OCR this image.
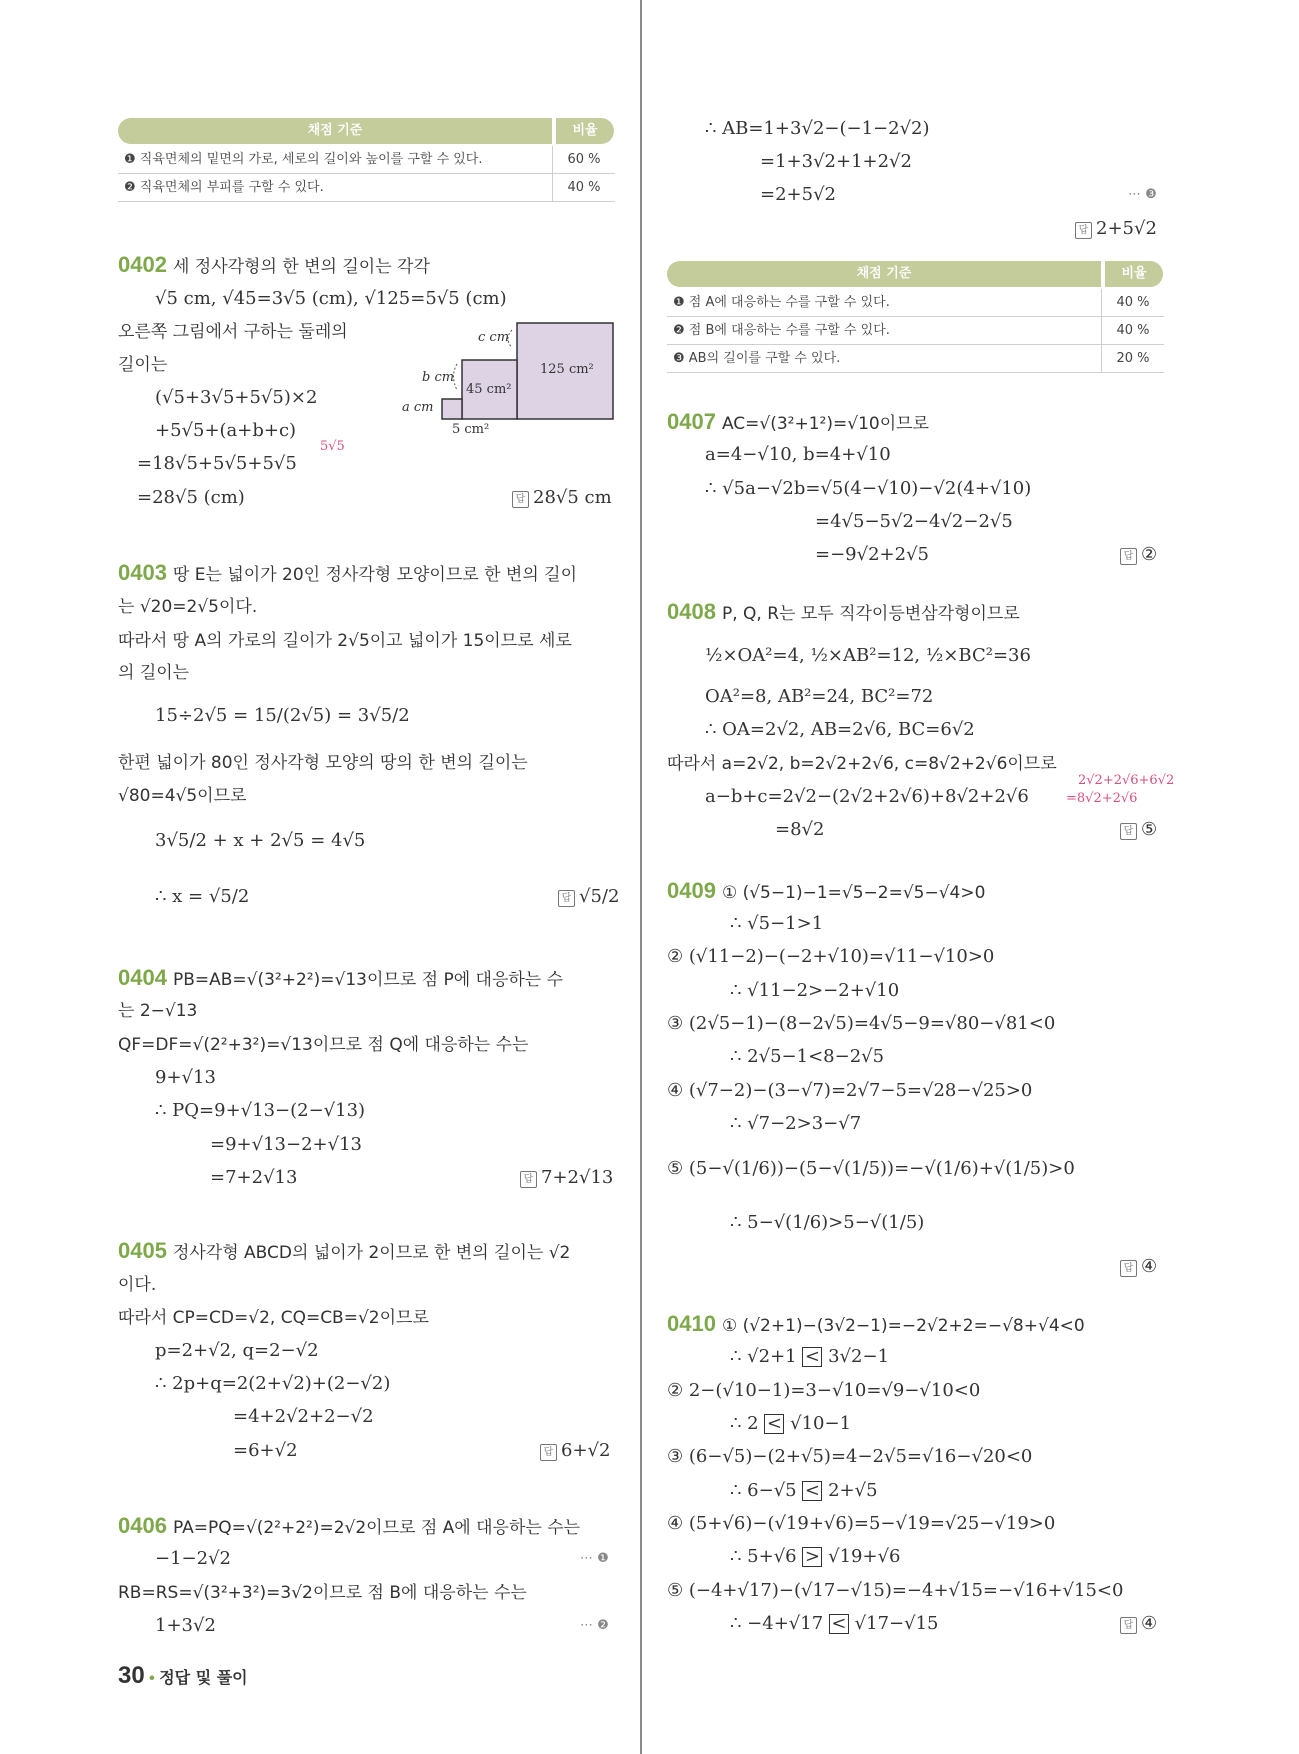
채점 기준	비율
❶ 직육면체의 밑면의 가로, 세로의 길이와 높이를 구할 수 있다.	60 %
❷ 직육면체의 부피를 구할 수 있다.	40 %
0402 세 정사각형의 한 변의 길이는 각각
√5 cm, √45=3√5 (cm), √125=5√5 (cm)
오른쪽 그림에서 구하는 둘레의
길이는
(√5+3√5+5√5)×2
+5√5+(a+b+c)
5√5
=18√5+5√5+5√5
=28√5 (cm)	답 28√5 cm
c cm
b cm
a cm
125 cm²
45 cm²
5 cm²
0403 땅 E는 넓이가 20인 정사각형 모양이므로 한 변의 길이
는 √20=2√5이다.
따라서 땅 A의 가로의 길이가 2√5이고 넓이가 15이므로 세로
의 길이는
15÷2√5 = 15/(2√5) = 3√5/2
한편 넓이가 80인 정사각형 모양의 땅의 한 변의 길이는
√80=4√5이므로
3√5/2 + x + 2√5 = 4√5
∴ x = √5/2	답 √5/2
0404 PB=AB=√(3²+2²)=√13이므로 점 P에 대응하는 수
는 2−√13
QF=DF=√(2²+3²)=√13이므로 점 Q에 대응하는 수는
9+√13
∴ PQ=9+√13−(2−√13)
=9+√13−2+√13
=7+2√13	답 7+2√13
0405 정사각형 ABCD의 넓이가 2이므로 한 변의 길이는 √2
이다.
따라서 CP=CD=√2, CQ=CB=√2이므로
p=2+√2, q=2−√2
∴ 2p+q=2(2+√2)+(2−√2)
=4+2√2+2−√2
=6+√2	답 6+√2
0406 PA=PQ=√(2²+2²)=2√2이므로 점 A에 대응하는 수는
−1−2√2	⋯ ❶
RB=RS=√(3²+3²)=3√2이므로 점 B에 대응하는 수는
1+3√2	⋯ ❷
30 • 정답 및 풀이
∴ AB=1+3√2−(−1−2√2)
=1+3√2+1+2√2
=2+5√2	⋯ ❸
답 2+5√2
채점 기준	비율
❶ 점 A에 대응하는 수를 구할 수 있다.	40 %
❷ 점 B에 대응하는 수를 구할 수 있다.	40 %
❸ AB의 길이를 구할 수 있다.	20 %
0407 AC=√(3²+1²)=√10이므로
a=4−√10, b=4+√10
∴ √5a−√2b=√5(4−√10)−√2(4+√10)
=4√5−5√2−4√2−2√5
=−9√2+2√5	답 ②
0408 P, Q, R는 모두 직각이등변삼각형이므로
½×OA²=4, ½×AB²=12, ½×BC²=36
OA²=8, AB²=24, BC²=72
∴ OA=2√2, AB=2√6, BC=6√2
따라서 a=2√2, b=2√2+2√6, c=8√2+2√6이므로
2√2+2√6+6√2
a−b+c=2√2−(2√2+2√6)+8√2+2√6	=8√2+2√6
=8√2	답 ⑤
0409 ① (√5−1)−1=√5−2=√5−√4>0
∴ √5−1>1
② (√11−2)−(−2+√10)=√11−√10>0
∴ √11−2>−2+√10
③ (2√5−1)−(8−2√5)=4√5−9=√80−√81<0
∴ 2√5−1<8−2√5
④ (√7−2)−(3−√7)=2√7−5=√28−√25>0
∴ √7−2>3−√7
⑤ (5−√(1/6))−(5−√(1/5))=−√(1/6)+√(1/5)>0
∴ 5−√(1/6)>5−√(1/5)
답 ④
0410 ① (√2+1)−(3√2−1)=−2√2+2=−√8+√4<0
∴ √2+1 < 3√2−1
② 2−(√10−1)=3−√10=√9−√10<0
∴ 2 < √10−1
③ (6−√5)−(2+√5)=4−2√5=√16−√20<0
∴ 6−√5 < 2+√5
④ (5+√6)−(√19+√6)=5−√19=√25−√19>0
∴ 5+√6 > √19+√6
⑤ (−4+√17)−(√17−√15)=−4+√15=−√16+√15<0
∴ −4+√17 < √17−√15	답 ④
